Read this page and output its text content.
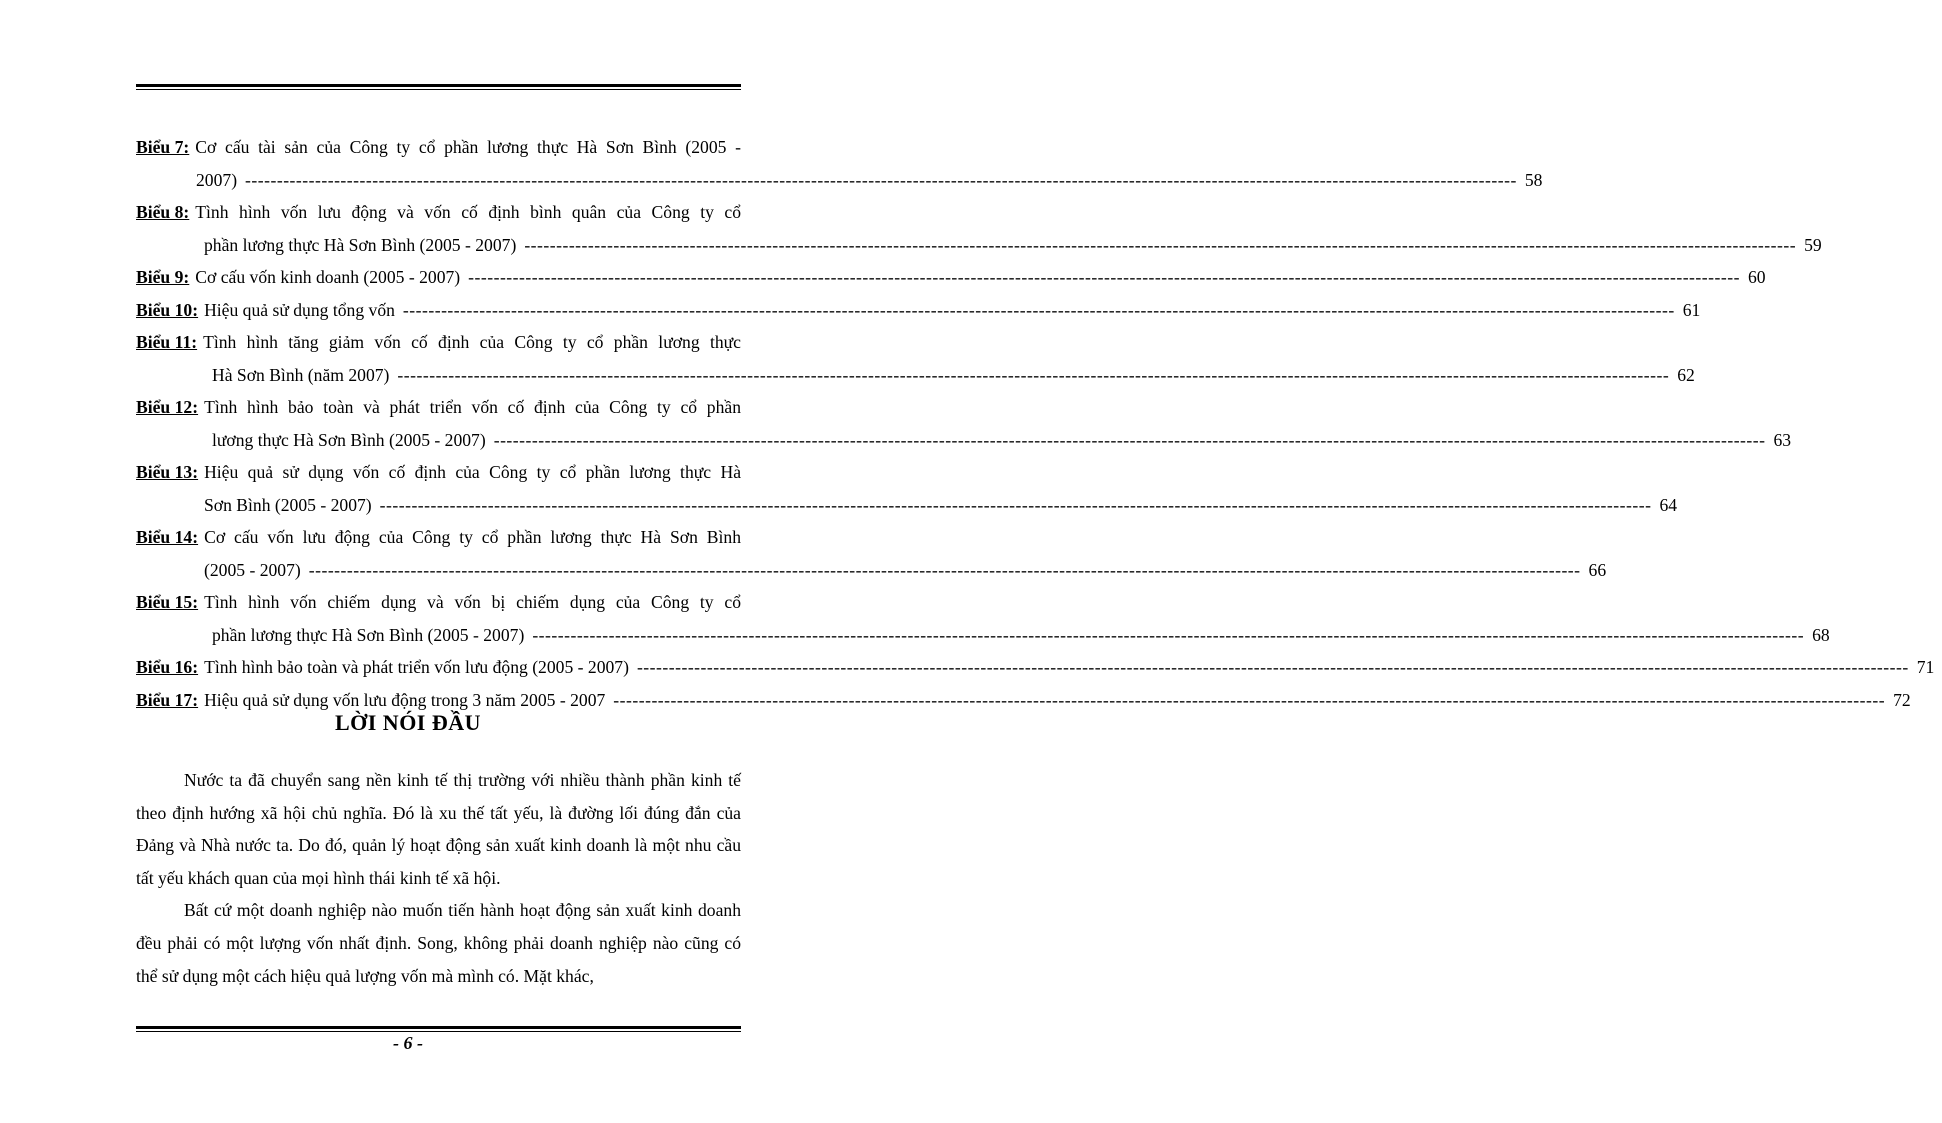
Biểu 7: Cơ cấu tài sản của Công ty cổ phần lương thực Hà Sơn Bình (2005 -
2007) -------------------------------------------------------------------------------------------------------------------------------------------------------------------------------------------------------- 58
Biểu 8: Tình hình vốn lưu động và vốn cố định bình quân của Công ty cổ
phần lương thực Hà Sơn Bình (2005 - 2007) -------------------------------------------------------------------------------------------------------------------------------------------------------------------------------------------------------- 59
Biểu 9: Cơ cấu vốn kinh doanh (2005 - 2007) -------------------------------------------------------------------------------------------------------------------------------------------------------------------------------------------------------- 60
Biểu 10: Hiệu quả sử dụng tổng vốn -------------------------------------------------------------------------------------------------------------------------------------------------------------------------------------------------------- 61
Biểu 11: Tình hình tăng giảm vốn cố định của Công ty cổ phần lương thực
Hà Sơn Bình (năm 2007) -------------------------------------------------------------------------------------------------------------------------------------------------------------------------------------------------------- 62
Biểu 12: Tình hình bảo toàn và phát triển vốn cố định của Công ty cổ phần
lương thực Hà Sơn Bình (2005 - 2007) -------------------------------------------------------------------------------------------------------------------------------------------------------------------------------------------------------- 63
Biểu 13: Hiệu quả sử dụng vốn cố định của Công ty cổ phần lương thực Hà
Sơn Bình (2005 - 2007) -------------------------------------------------------------------------------------------------------------------------------------------------------------------------------------------------------- 64
Biểu 14: Cơ cấu vốn lưu động của Công ty cổ phần lương thực Hà Sơn Bình
(2005 - 2007) -------------------------------------------------------------------------------------------------------------------------------------------------------------------------------------------------------- 66
Biểu 15: Tình hình vốn chiếm dụng và vốn bị chiếm dụng của Công ty cổ
phần lương thực Hà Sơn Bình (2005 - 2007) -------------------------------------------------------------------------------------------------------------------------------------------------------------------------------------------------------- 68
Biểu 16: Tình hình bảo toàn và phát triển vốn lưu động (2005 - 2007) -------------------------------------------------------------------------------------------------------------------------------------------------------------------------------------------------------- 71
Biểu 17: Hiệu quả sử dụng vốn lưu động trong 3 năm 2005 - 2007 -------------------------------------------------------------------------------------------------------------------------------------------------------------------------------------------------------- 72
LỜI NÓI ĐẦU

Nước ta đã chuyển sang nền kinh tế thị trường với nhiều thành phần kinh tế theo định hướng xã hội chủ nghĩa. Đó là xu thế tất yếu, là đường lối đúng đắn của Đảng và Nhà nước ta. Do đó, quản lý hoạt động sản xuất kinh doanh là một nhu cầu tất yếu khách quan của mọi hình thái kinh tế xã hội.

Bất cứ một doanh nghiệp nào muốn tiến hành hoạt động sản xuất kinh doanh đều phải có một lượng vốn nhất định. Song, không phải doanh nghiệp nào cũng có thể sử dụng một cách hiệu quả lượng vốn mà mình có. Mặt khác,

- 6 -
